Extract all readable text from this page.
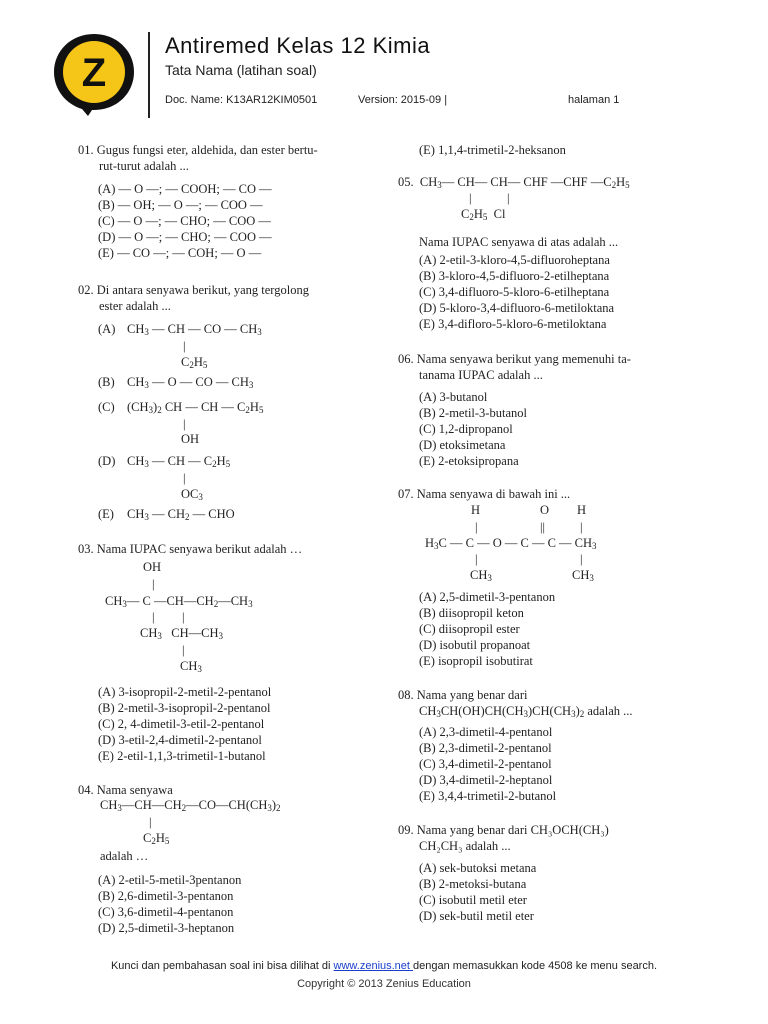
Z
Antiremed Kelas 12 Kimia
Tata Nama (latihan soal)
Doc. Name: K13AR12KIM0501	Version: 2015-09 |	halaman 1
01. Gugus fungsi eter, aldehida, dan ester bertu-
rut-turut adalah ...
(A) — O —; — COOH; — CO —
(B) — OH; — O —; — COO —
(C) — O —; — CHO; — COO —
(D) — O —; — CHO; — COO —
(E) — CO —; — COH; — O —
02. Di antara senyawa berikut, yang tergolong
ester adalah ...
(A) $CH_3$ — CH — CO — $CH_3$
|
$C_2H_5$
(B) $CH_3$ — O — CO — $CH_3$
(C) $(CH_3)_2$ CH — CH — $C_2H_5$
|
OH
(D) $CH_3$ — CH — $C_2H_5$
|
$OC_3$
(E) $CH_3$ — $CH_2$ — CHO
03. Nama IUPAC senyawa berikut adalah …
OH
|
$CH_3—$ C $—CH—CH_2—CH_3$
| |
$CH_3$   $CH—CH_3$
|
$CH_3$
(A) 3-isopropil-2-metil-2-pentanol
(B) 2-metil-3-isopropil-2-pentanol
(C) 2, 4-dimetil-3-etil-2-pentanol
(D) 3-etil-2,4-dimetil-2-pentanol
(E) 2-etil-1,1,3-trimetil-1-butanol
04. Nama senyawa
$CH_3—CH—CH_2—CO—CH(CH_3)_2$
|
$C_2H_5$
adalah …
(A) 2-etil-5-metil-3pentanon
(B) 2,6-dimetil-3-pentanon
(C) 3,6-dimetil-4-pentanon
(D) 2,5-dimetil-3-heptanon
(E) 1,1,4-trimetil-2-heksanon
05.  $CH_3—$ CH— CH— CHF —CHF $—C_2H_5$
|	|
$C_2H_5$  Cl
Nama IUPAC senyawa di atas adalah ...
(A) 2-etil-3-kloro-4,5-difluoroheptana
(B) 3-kloro-4,5-difluoro-2-etilheptana
(C) 3,4-difluoro-5-kloro-6-etilheptana
(D) 5-kloro-3,4-difluoro-6-metiloktana
(E) 3,4-difloro-5-kloro-6-metiloktana
06. Nama senyawa berikut yang memenuhi ta-
tanama IUPAC adalah ...
(A) 3-butanol
(B) 2-metil-3-butanol
(C) 1,2-dipropanol
(D) etoksimetana
(E) 2-etoksipropana
07. Nama senyawa di bawah ini ...
H	O H
|	||	|
$H_3C$ — C — O — C — C — $CH_3$
|	|
$CH_3$	$CH_3$
(A) 2,5-dimetil-3-pentanon
(B) diisopropil keton
(C) diisopropil ester
(D) isobutil propanoat
(E) isopropil isobutirat
08. Nama yang benar dari
$CH_3CH(OH)CH(CH_3)CH(CH_3)_2$ adalah ...
(A) 2,3-dimetil-4-pentanol
(B) 2,3-dimetil-2-pentanol
(C) 3,4-dimetil-2-pentanol
(D) 3,4-dimetil-2-heptanol
(E) 3,4,4-trimetil-2-butanol
09. Nama yang benar dari CH₃OCH(CH₃)
CH₂CH₃ adalah ...
(A) sek-butoksi metana
(B) 2-metoksi-butana
(C) isobutil metil eter
(D) sek-butil metil eter
Kunci dan pembahasan soal ini bisa dilihat di www.zenius.net dengan memasukkan kode 4508 ke menu search.
Copyright © 2013 Zenius Education
